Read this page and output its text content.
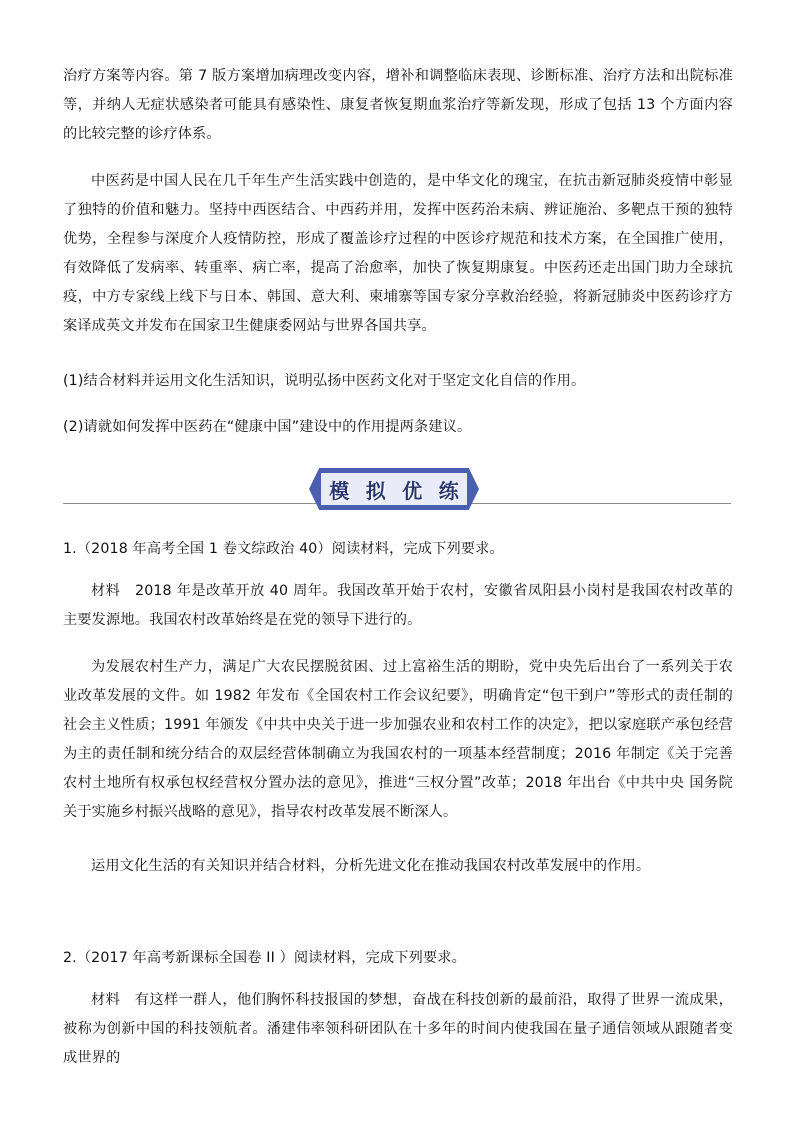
治疗方案等内容。第 7 版方案增加病理改变内容，增补和调整临床表现、诊断标准、治疗方法和出院标准等，并纳人无症状感染者可能具有感染性、康复者恢复期血浆治疗等新发现，形成了包括 13 个方面内容的比较完整的诊疗体系。

中医药是中国人民在几千年生产生活实践中创造的，是中华文化的瑰宝，在抗击新冠肺炎疫情中彰显了独特的价值和魅力。坚持中西医结合、中西药并用，发挥中医药治未病、辨证施治、多靶点干预的独特优势，全程参与深度介人疫情防控，形成了覆盖诊疗过程的中医诊疗规范和技术方案，在全国推广使用，有效降低了发病率、转重率、病亡率，提高了治愈率，加快了恢复期康复。中医药还走出国门助力全球抗疫，中方专家线上线下与日本、韩国、意大利、柬埔寨等国专家分享救治经验，将新冠肺炎中医药诊疗方案译成英文并发布在国家卫生健康委网站与世界各国共享。

(1)结合材料并运用文化生活知识，说明弘扬中医药文化对于坚定文化自信的作用。

(2)请就如何发挥中医药在“健康中国”建设中的作用提两条建议。

模 拟 优 练

1.（2018 年高考全国 1 卷文综政治 40）阅读材料，完成下列要求。

材料　2018 年是改革开放 40 周年。我国改革开始于农村，安徽省凤阳县小岗村是我国农村改革的主要发源地。我国农村改革始终是在党的领导下进行的。

为发展农村生产力，满足广大农民摆脱贫困、过上富裕生活的期盼，党中央先后出台了一系列关于农业改革发展的文件。如 1982 年发布《全国农村工作会议纪要》，明确肯定“包干到户”等形式的责任制的社会主义性质；1991 年颁发《中共中央关于进一步加强农业和农村工作的决定》，把以家庭联产承包经营为主的责任制和统分结合的双层经营体制确立为我国农村的一项基本经营制度；2016 年制定《关于完善农村土地所有权承包权经营权分置办法的意见》，推进“三权分置”改革；2018 年出台《中共中央 国务院关于实施乡村振兴战略的意见》，指导农村改革发展不断深人。

运用文化生活的有关知识并结合材料，分析先进文化在推动我国农村改革发展中的作用。

2.（2017 年高考新课标全国卷 II ）阅读材料，完成下列要求。

材料　有这样一群人，他们胸怀科技报国的梦想，奋战在科技创新的最前沿，取得了世界一流成果，被称为创新中国的科技领航者。潘建伟率领科研团队在十多年的时间内使我国在量子通信领域从跟随者变成世界的
